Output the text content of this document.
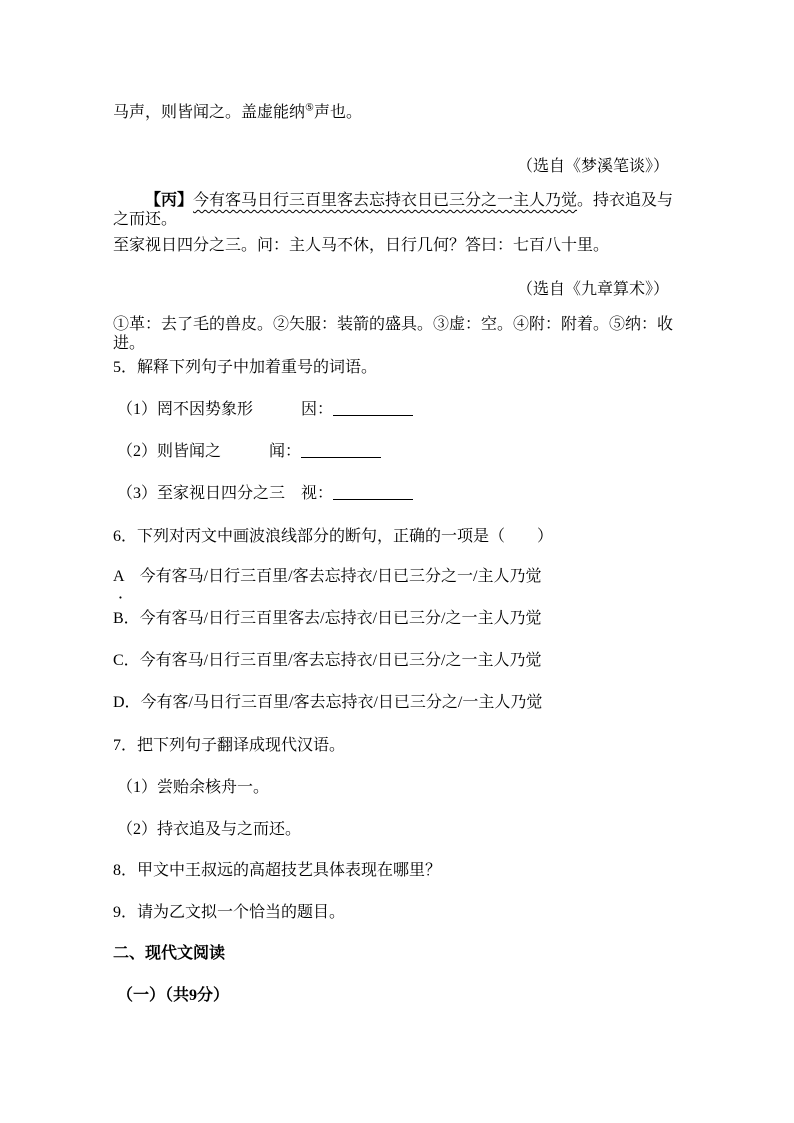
马声，则皆闻之。盖虚能纳⑤声也。
（选自《梦溪笔谈》）
【丙】今有客马日行三百里客去忘持衣日已三分之一主人乃觉。持衣追及与之而还。
至家视日四分之三。问：主人马不休，日行几何？答曰：七百八十里。
（选自《九章算术》）
①革：去了毛的兽皮。②矢服：装箭的盛具。③虚：空。④附：附着。⑤纳：收进。
5．解释下列句子中加着重号的词语。
（1）罔不因势象形　　　因：
（2）则皆闻之　　　闻：
（3）至家视日四分之三　视：
6．下列对丙文中画波浪线部分的断句，正确的一项是（　　）
A　今有客马/日行三百里/客去忘持衣/日已三分之一/主人乃觉
．
B．今有客马/日行三百里客去/忘持衣/日已三分/之一主人乃觉
C．今有客马/日行三百里/客去忘持衣/日已三分/之一主人乃觉
D．今有客/马日行三百里/客去忘持衣/日已三分之/一主人乃觉
7．把下列句子翻译成现代汉语。
（1）尝贻余核舟一。
（2）持衣追及与之而还。
8．甲文中王叔远的高超技艺具体表现在哪里？
9．请为乙文拟一个恰当的题目。
二、现代文阅读
（一）（共9分）
